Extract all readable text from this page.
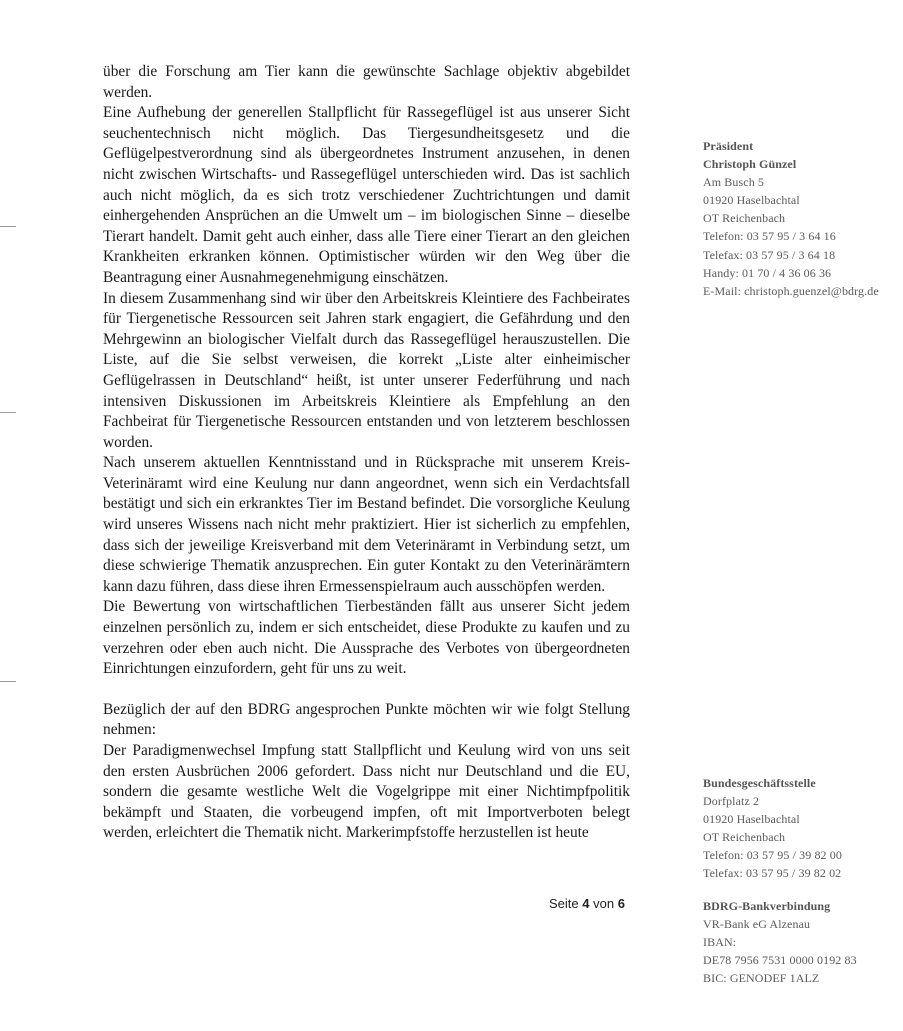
über die Forschung am Tier kann die gewünschte Sachlage objektiv abgebildet werden.

Eine Aufhebung der generellen Stallpflicht für Rassegeflügel ist aus unserer Sicht seuchentechnisch nicht möglich. Das Tiergesundheitsgesetz und die Geflügelpestverordnung sind als übergeordnetes Instrument anzusehen, in denen nicht zwischen Wirtschafts- und Rassegeflügel unterschieden wird. Das ist sachlich auch nicht möglich, da es sich trotz verschiedener Zuchtrichtungen und damit einhergehenden Ansprüchen an die Umwelt um – im biologischen Sinne – dieselbe Tierart handelt. Damit geht auch einher, dass alle Tiere einer Tierart an den gleichen Krankheiten erkranken können. Optimistischer würden wir den Weg über die Beantragung einer Ausnahmegenehmigung einschätzen.

In diesem Zusammenhang sind wir über den Arbeitskreis Kleintiere des Fachbeirates für Tiergenetische Ressourcen seit Jahren stark engagiert, die Gefährdung und den Mehrgewinn an biologischer Vielfalt durch das Rassegeflügel herauszustellen. Die Liste, auf die Sie selbst verweisen, die korrekt „Liste alter einheimischer Geflügelrassen in Deutschland“ heißt, ist unter unserer Federführung und nach intensiven Diskussionen im Arbeitskreis Kleintiere als Empfehlung an den Fachbeirat für Tiergenetische Ressourcen entstanden und von letzterem beschlossen worden.

Nach unserem aktuellen Kenntnisstand und in Rücksprache mit unserem Kreis-Veterinäramt wird eine Keulung nur dann angeordnet, wenn sich ein Verdachtsfall bestätigt und sich ein erkranktes Tier im Bestand befindet. Die vorsorgliche Keulung wird unseres Wissens nach nicht mehr praktiziert. Hier ist sicherlich zu empfehlen, dass sich der jeweilige Kreisverband mit dem Veterinäramt in Verbindung setzt, um diese schwierige Thematik anzusprechen. Ein guter Kontakt zu den Veterinärämtern kann dazu führen, dass diese ihren Ermessenspielraum auch ausschöpfen werden.

Die Bewertung von wirtschaftlichen Tierbeständen fällt aus unserer Sicht jedem einzelnen persönlich zu, indem er sich entscheidet, diese Produkte zu kaufen und zu verzehren oder eben auch nicht. Die Aussprache des Verbotes von übergeordneten Einrichtungen einzufordern, geht für uns zu weit.

Bezüglich der auf den BDRG angesprochen Punkte möchten wir wie folgt Stellung nehmen:

Der Paradigmenwechsel Impfung statt Stallpflicht und Keulung wird von uns seit den ersten Ausbrüchen 2006 gefordert. Dass nicht nur Deutschland und die EU, sondern die gesamte westliche Welt die Vogelgrippe mit einer Nichtimpfpolitik bekämpft und Staaten, die vorbeugend impfen, oft mit Importverboten belegt werden, erleichtert die Thematik nicht. Markerimpfstoffe herzustellen ist heute

Seite 4 von 6
Präsident
Christoph Günzel
Am Busch 5
01920 Haselbachtal
OT Reichenbach
Telefon: 03 57 95 / 3 64 16
Telefax: 03 57 95 / 3 64 18
Handy: 01 70 / 4 36 06 36
E-Mail: christoph.guenzel@bdrg.de
Bundesgeschäftsstelle
Dorfplatz 2
01920 Haselbachtal
OT Reichenbach
Telefon: 03 57 95 / 39 82 00
Telefax: 03 57 95 / 39 82 02
BDRG-Bankverbindung
VR-Bank eG Alzenau
IBAN:
DE78 7956 7531 0000 0192 83
BIC: GENODEF 1ALZ
